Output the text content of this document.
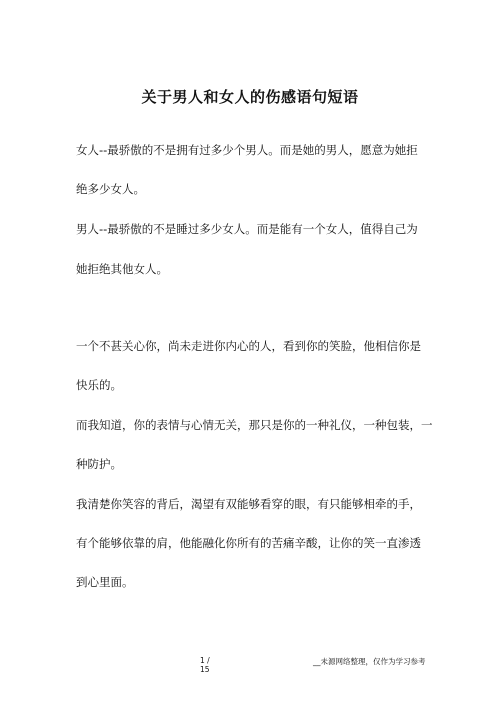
关于男人和女人的伤感语句短语
女人--最骄傲的不是拥有过多少个男人。而是她的男人，愿意为她拒
绝多少女人。
男人--最骄傲的不是睡过多少女人。而是能有一个女人，值得自己为
她拒绝其他女人。
一个不甚关心你，尚未走进你内心的人，看到你的笑脸，他相信你是
快乐的。
而我知道，你的表情与心情无关，那只是你的一种礼仪，一种包装，一
种防护。
我清楚你笑容的背后，渴望有双能够看穿的眼，有只能够相牵的手，
有个能够依靠的肩，他能融化你所有的苦痛辛酸，让你的笑一直渗透
到心里面。
1 / 15
__未源网络整理，仅作为学习参考
